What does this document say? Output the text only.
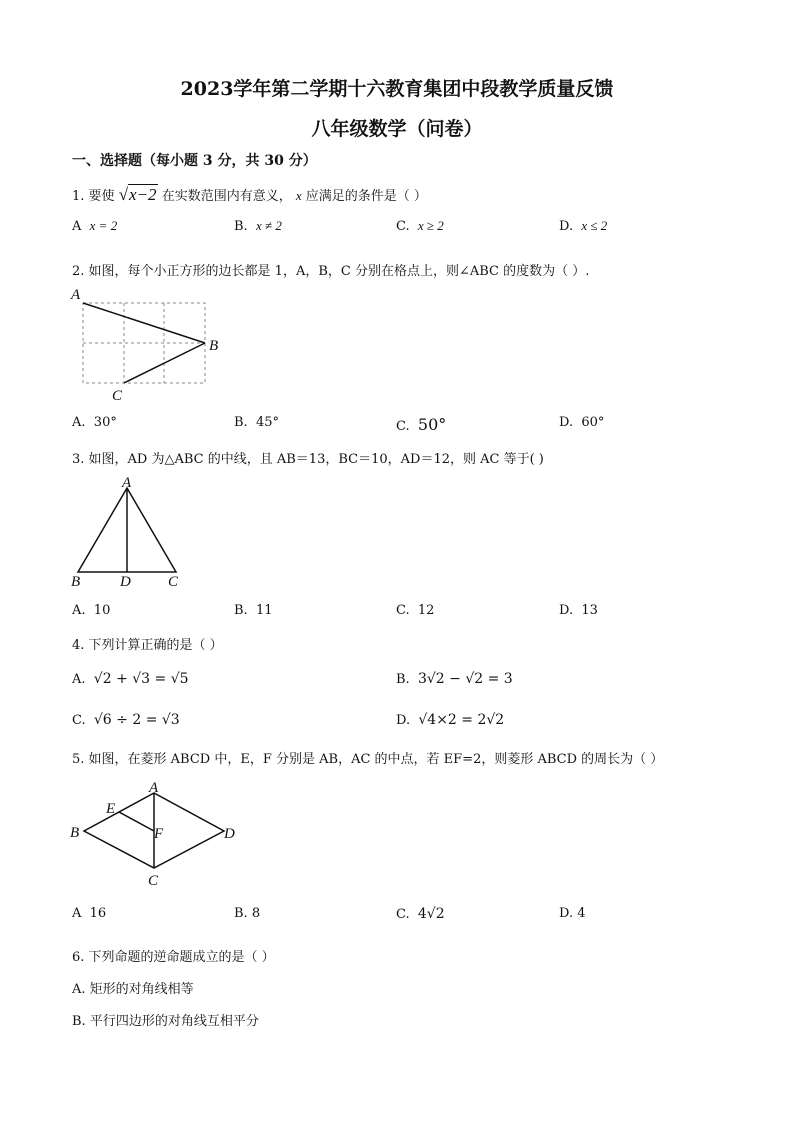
2023学年第二学期十六教育集团中段教学质量反馈
八年级数学（问卷）
一、选择题（每小题 3 分，共 30 分）
1. 要使 √x−2 在实数范围内有意义， x 应满足的条件是（ ）
A x = 2	B. x ≠ 2	C. x ≥ 2	D. x ≤ 2
2. 如图，每个小正方形的边长都是 1，A，B，C 分别在格点上，则∠ABC 的度数为（ ）.
A
B
C
A. 30°	B. 45°	C. 50°	D. 60°
3. 如图，AD 为△ABC 的中线，且 AB＝13，BC＝10，AD＝12，则 AC 等于( )
A
B	D C
A. 10	B. 11	C. 12	D. 13
4. 下列计算正确的是（ ）
A. √2 + √3 = √5	B. 3√2 − √2 = 3
C. √6 ÷ 2 = √3	D. √4×2 = 2√2
5. 如图，在菱形 ABCD 中，E，F 分别是 AB，AC 的中点，若 EF=2，则菱形 ABCD 的周长为（ ）
A
B
C
D
E
F
A 16	B. 8	C. 4√2	D. 4
6. 下列命题的逆命题成立的是（ ）
A. 矩形的对角线相等
B. 平行四边形的对角线互相平分
